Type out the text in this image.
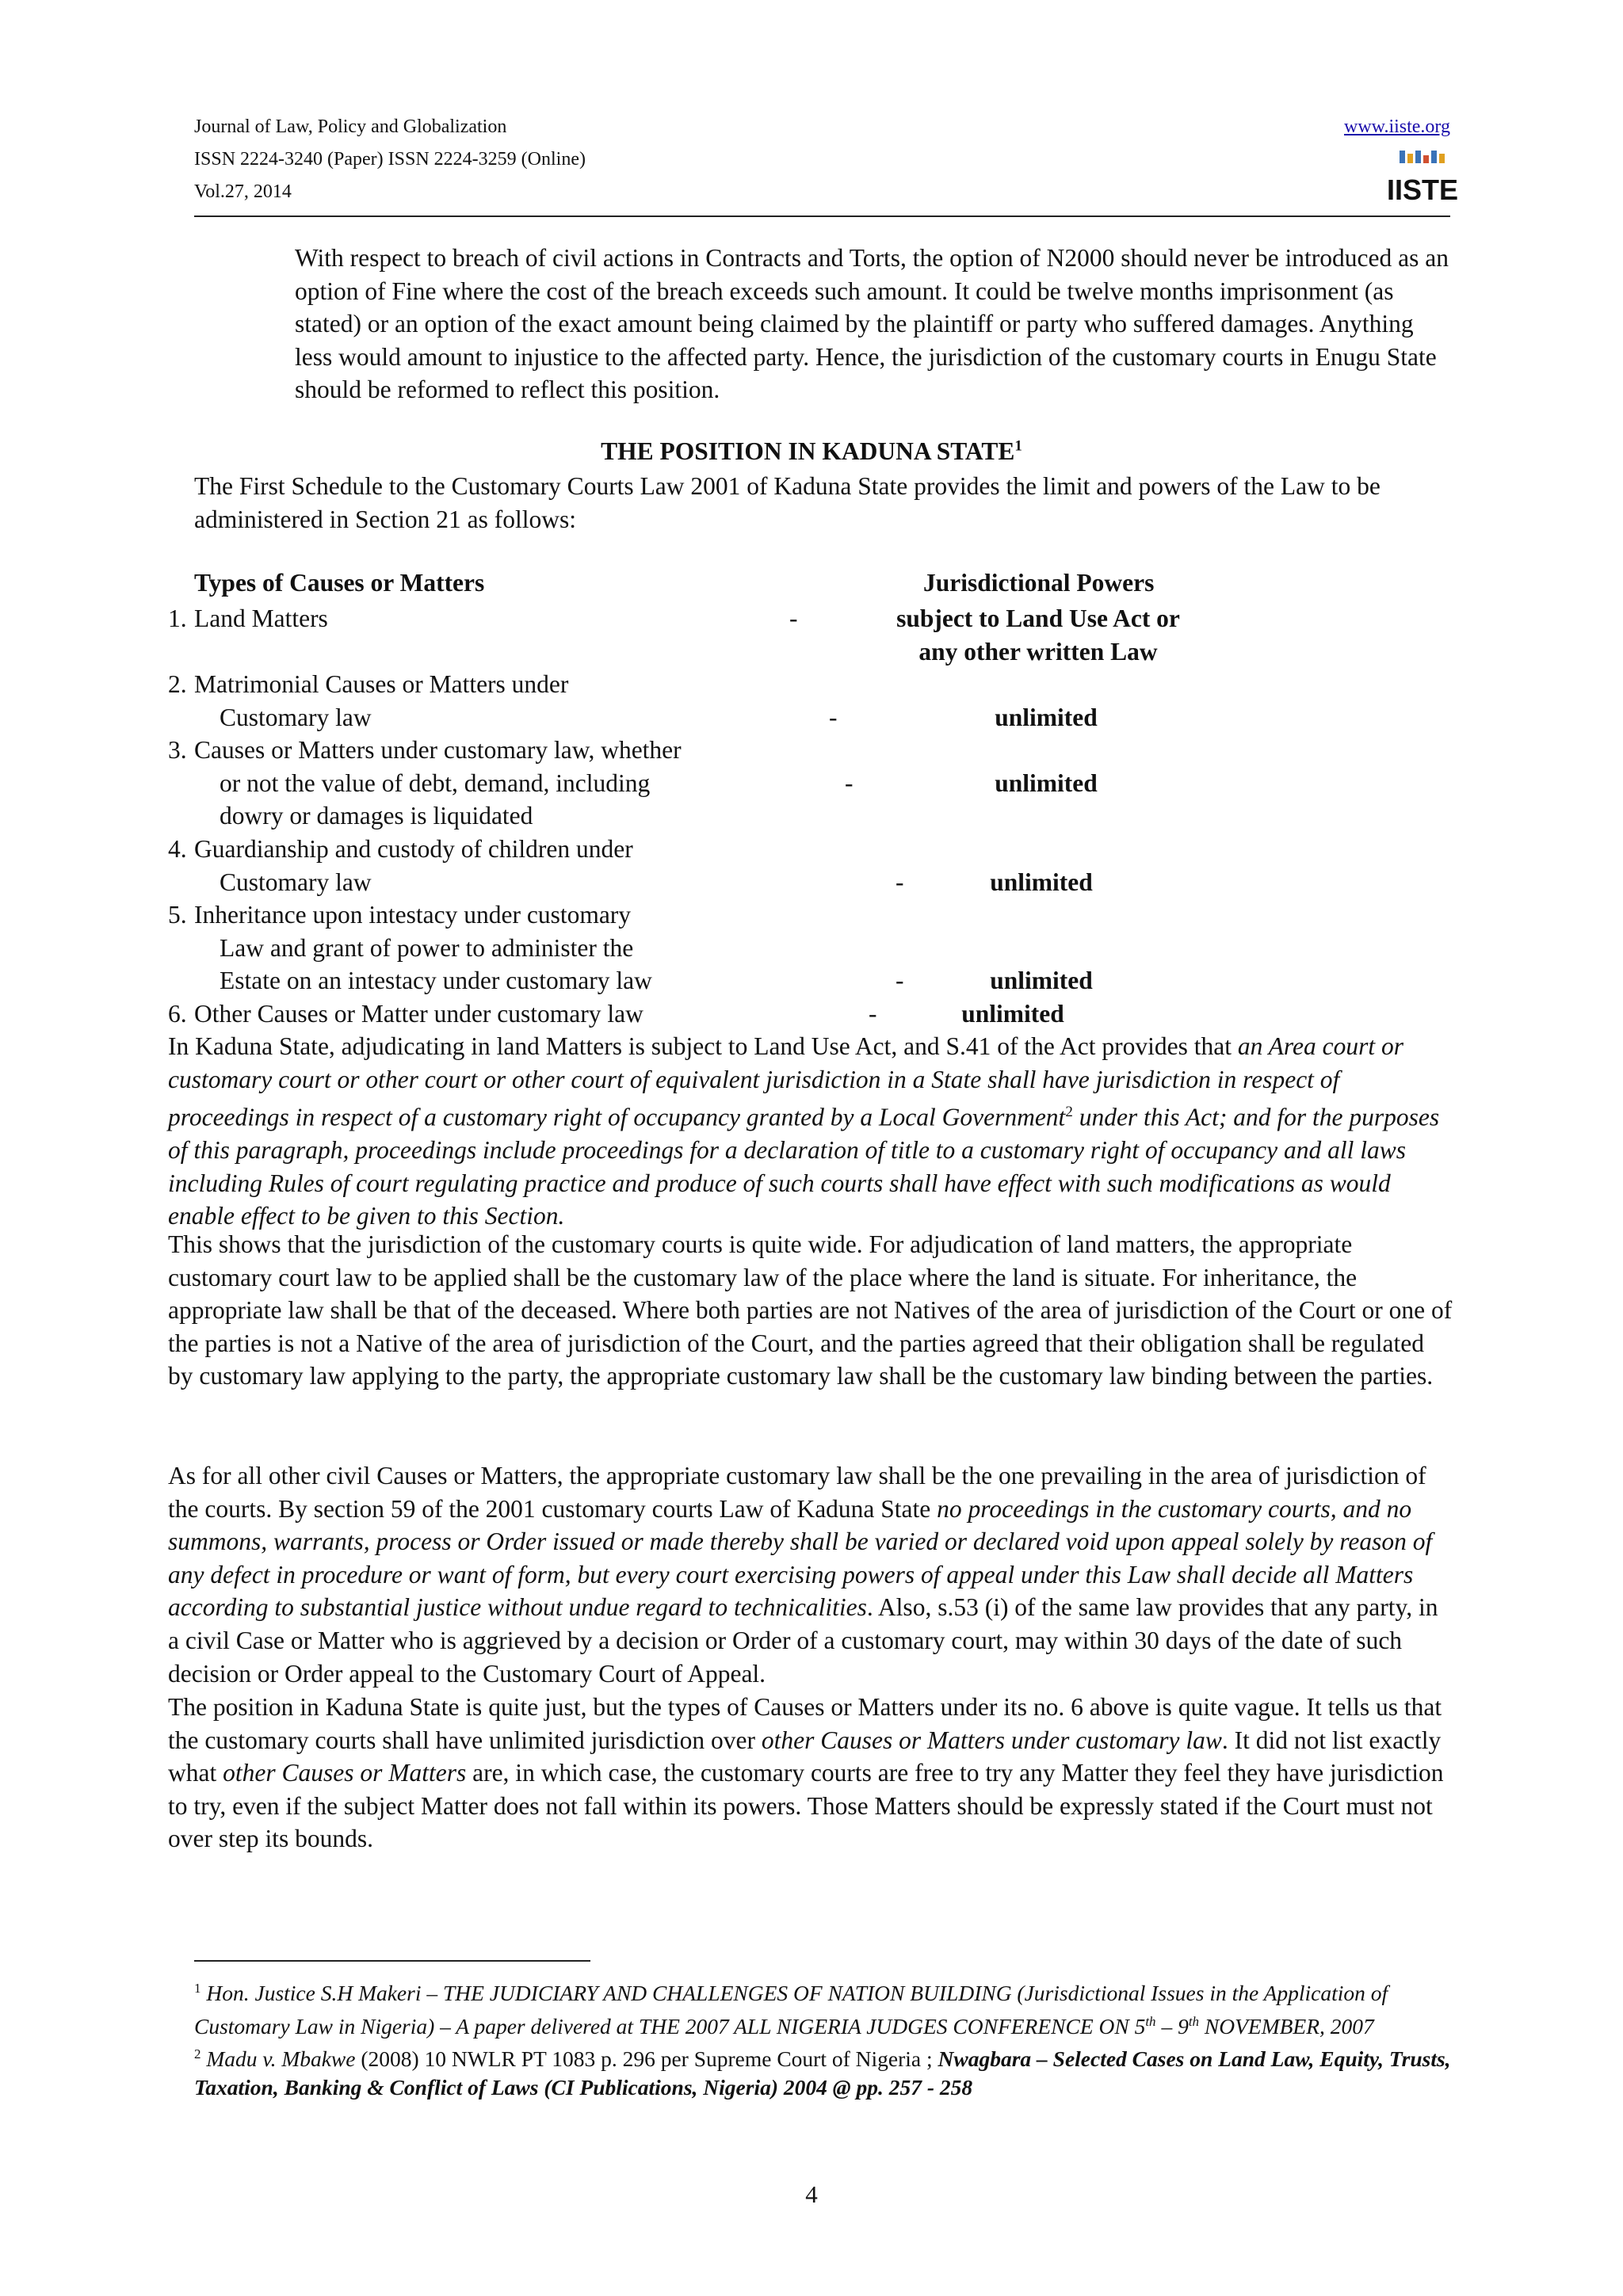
Journal of Law, Policy and Globalization
ISSN 2224-3240 (Paper) ISSN 2224-3259 (Online)
Vol.27, 2014
www.iiste.org
IISTE

With respect to breach of civil actions in Contracts and Torts, the option of N2000 should never be introduced as an option of Fine where the cost of the breach exceeds such amount. It could be twelve months imprisonment (as stated) or an option of the exact amount being claimed by the plaintiff or party who suffered damages. Anything less would amount to injustice to the affected party. Hence, the jurisdiction of the customary courts in Enugu State should be reformed to reflect this position.

THE POSITION IN KADUNA STATE$^1$

The First Schedule to the Customary Courts Law 2001 of Kaduna State provides the limit and powers of the Law to be administered in Section 21 as follows:

Types of Causes or Matters	Jurisdictional Powers
1. Land Matters	-	subject to Land Use Act or
any other written Law
2. Matrimonial Causes or Matters under
Customary law	-	unlimited
3. Causes or Matters under customary law, whether
or not the value of debt, demand, including
dowry or damages is liquidated
-	unlimited
4. Guardianship and custody of children under
Customary law	-	unlimited
5. Inheritance upon intestacy under customary
Law and grant of power to administer the
Estate on an intestacy under customary law	-	unlimited
6. Other Causes or Matter under customary law	-	unlimited

In Kaduna State, adjudicating in land Matters is subject to Land Use Act, and S.41 of the Act provides that an Area court or customary court or other court or other court of equivalent jurisdiction in a State shall have jurisdiction in respect of proceedings in respect of a customary right of occupancy granted by a Local Government$^2$ under this Act; and for the purposes of this paragraph, proceedings include proceedings for a declaration of title to a customary right of occupancy and all laws including Rules of court regulating practice and produce of such courts shall have effect with such modifications as would enable effect to be given to this Section.

This shows that the jurisdiction of the customary courts is quite wide. For adjudication of land matters, the appropriate customary court law to be applied shall be the customary law of the place where the land is situate. For inheritance, the appropriate law shall be that of the deceased. Where both parties are not Natives of the area of jurisdiction of the Court or one of the parties is not a Native of the area of jurisdiction of the Court, and the parties agreed that their obligation shall be regulated by customary law applying to the party, the appropriate customary law shall be the customary law binding between the parties.

As for all other civil Causes or Matters, the appropriate customary law shall be the one prevailing in the area of jurisdiction of the courts. By section 59 of the 2001 customary courts Law of Kaduna State no proceedings in the customary courts, and no summons, warrants, process or Order issued or made thereby shall be varied or declared void upon appeal solely by reason of any defect in procedure or want of form, but every court exercising powers of appeal under this Law shall decide all Matters according to substantial justice without undue regard to technicalities. Also, s.53 (i) of the same law provides that any party, in a civil Case or Matter who is aggrieved by a decision or Order of a customary court, may within 30 days of the date of such decision or Order appeal to the Customary Court of Appeal.

The position in Kaduna State is quite just, but the types of Causes or Matters under its no. 6 above is quite vague. It tells us that the customary courts shall have unlimited jurisdiction over other Causes or Matters under customary law. It did not list exactly what other Causes or Matters are, in which case, the customary courts are free to try any Matter they feel they have jurisdiction to try, even if the subject Matter does not fall within its powers. Those Matters should be expressly stated if the Court must not over step its bounds.

$^1$ Hon. Justice S.H Makeri – THE JUDICIARY AND CHALLENGES OF NATION BUILDING (Jurisdictional Issues in the Application of Customary Law in Nigeria) – A paper delivered at THE 2007 ALL NIGERIA JUDGES CONFERENCE ON 5th – 9th NOVEMBER, 2007
$^2$ Madu v. Mbakwe (2008) 10 NWLR PT 1083 p. 296 per Supreme Court of Nigeria ; Nwagbara – Selected Cases on Land Law, Equity, Trusts, Taxation, Banking & Conflict of Laws (CI Publications, Nigeria) 2004 @ pp. 257 - 258
4
